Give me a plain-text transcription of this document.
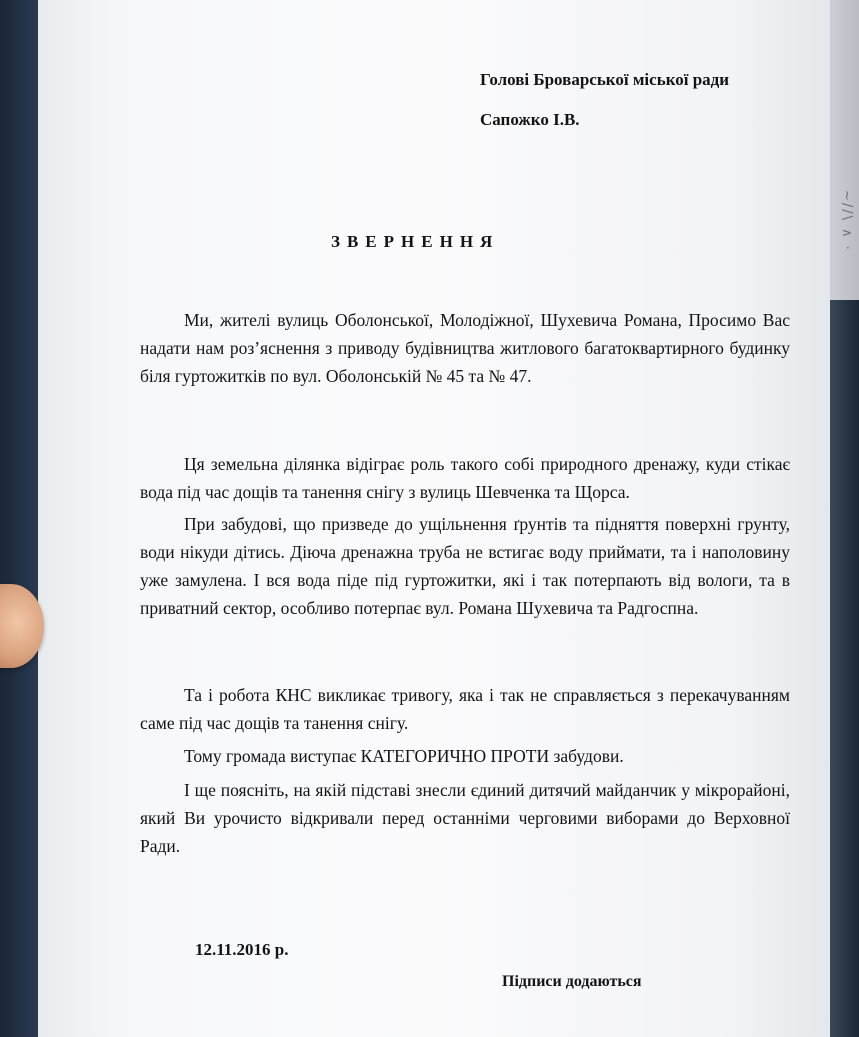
~//\ ∧ ·
Голові Броварської міської ради
Сапожко І.В.
ЗВЕРНЕННЯ
Ми, жителі вулиць Оболонської, Молодіжної, Шухевича Романа, Просимо Вас надати нам роз’яснення з приводу будівництва житлового багатоквартирного будинку біля гуртожитків по вул. Оболонській № 45 та № 47.
Ця земельна ділянка відіграє роль такого собі природного дренажу, куди стікає вода під час дощів та танення снігу з вулиць Шевченка та Щорса.
При забудові, що призведе до ущільнення ґрунтів та підняття поверхні грунту, води нікуди дітись. Діюча дренажна труба не встигає воду приймати, та і наполовину уже замулена. І вся вода піде під гуртожитки, які і так потерпають від вологи, та в приватний сектор, особливо потерпає вул. Романа Шухевича та Радгоспна.
Та і робота КНС викликає тривогу, яка і так не справляється з перекачуванням саме під час дощів та танення снігу.
Тому громада виступає КАТЕГОРИЧНО ПРОТИ забудови.
І ще поясніть, на якій підставі знесли єдиний дитячий майданчик у мікрорайоні, який Ви урочисто відкривали перед останніми черговими виборами до Верховної Ради.
12.11.2016 р.
Підписи додаються
